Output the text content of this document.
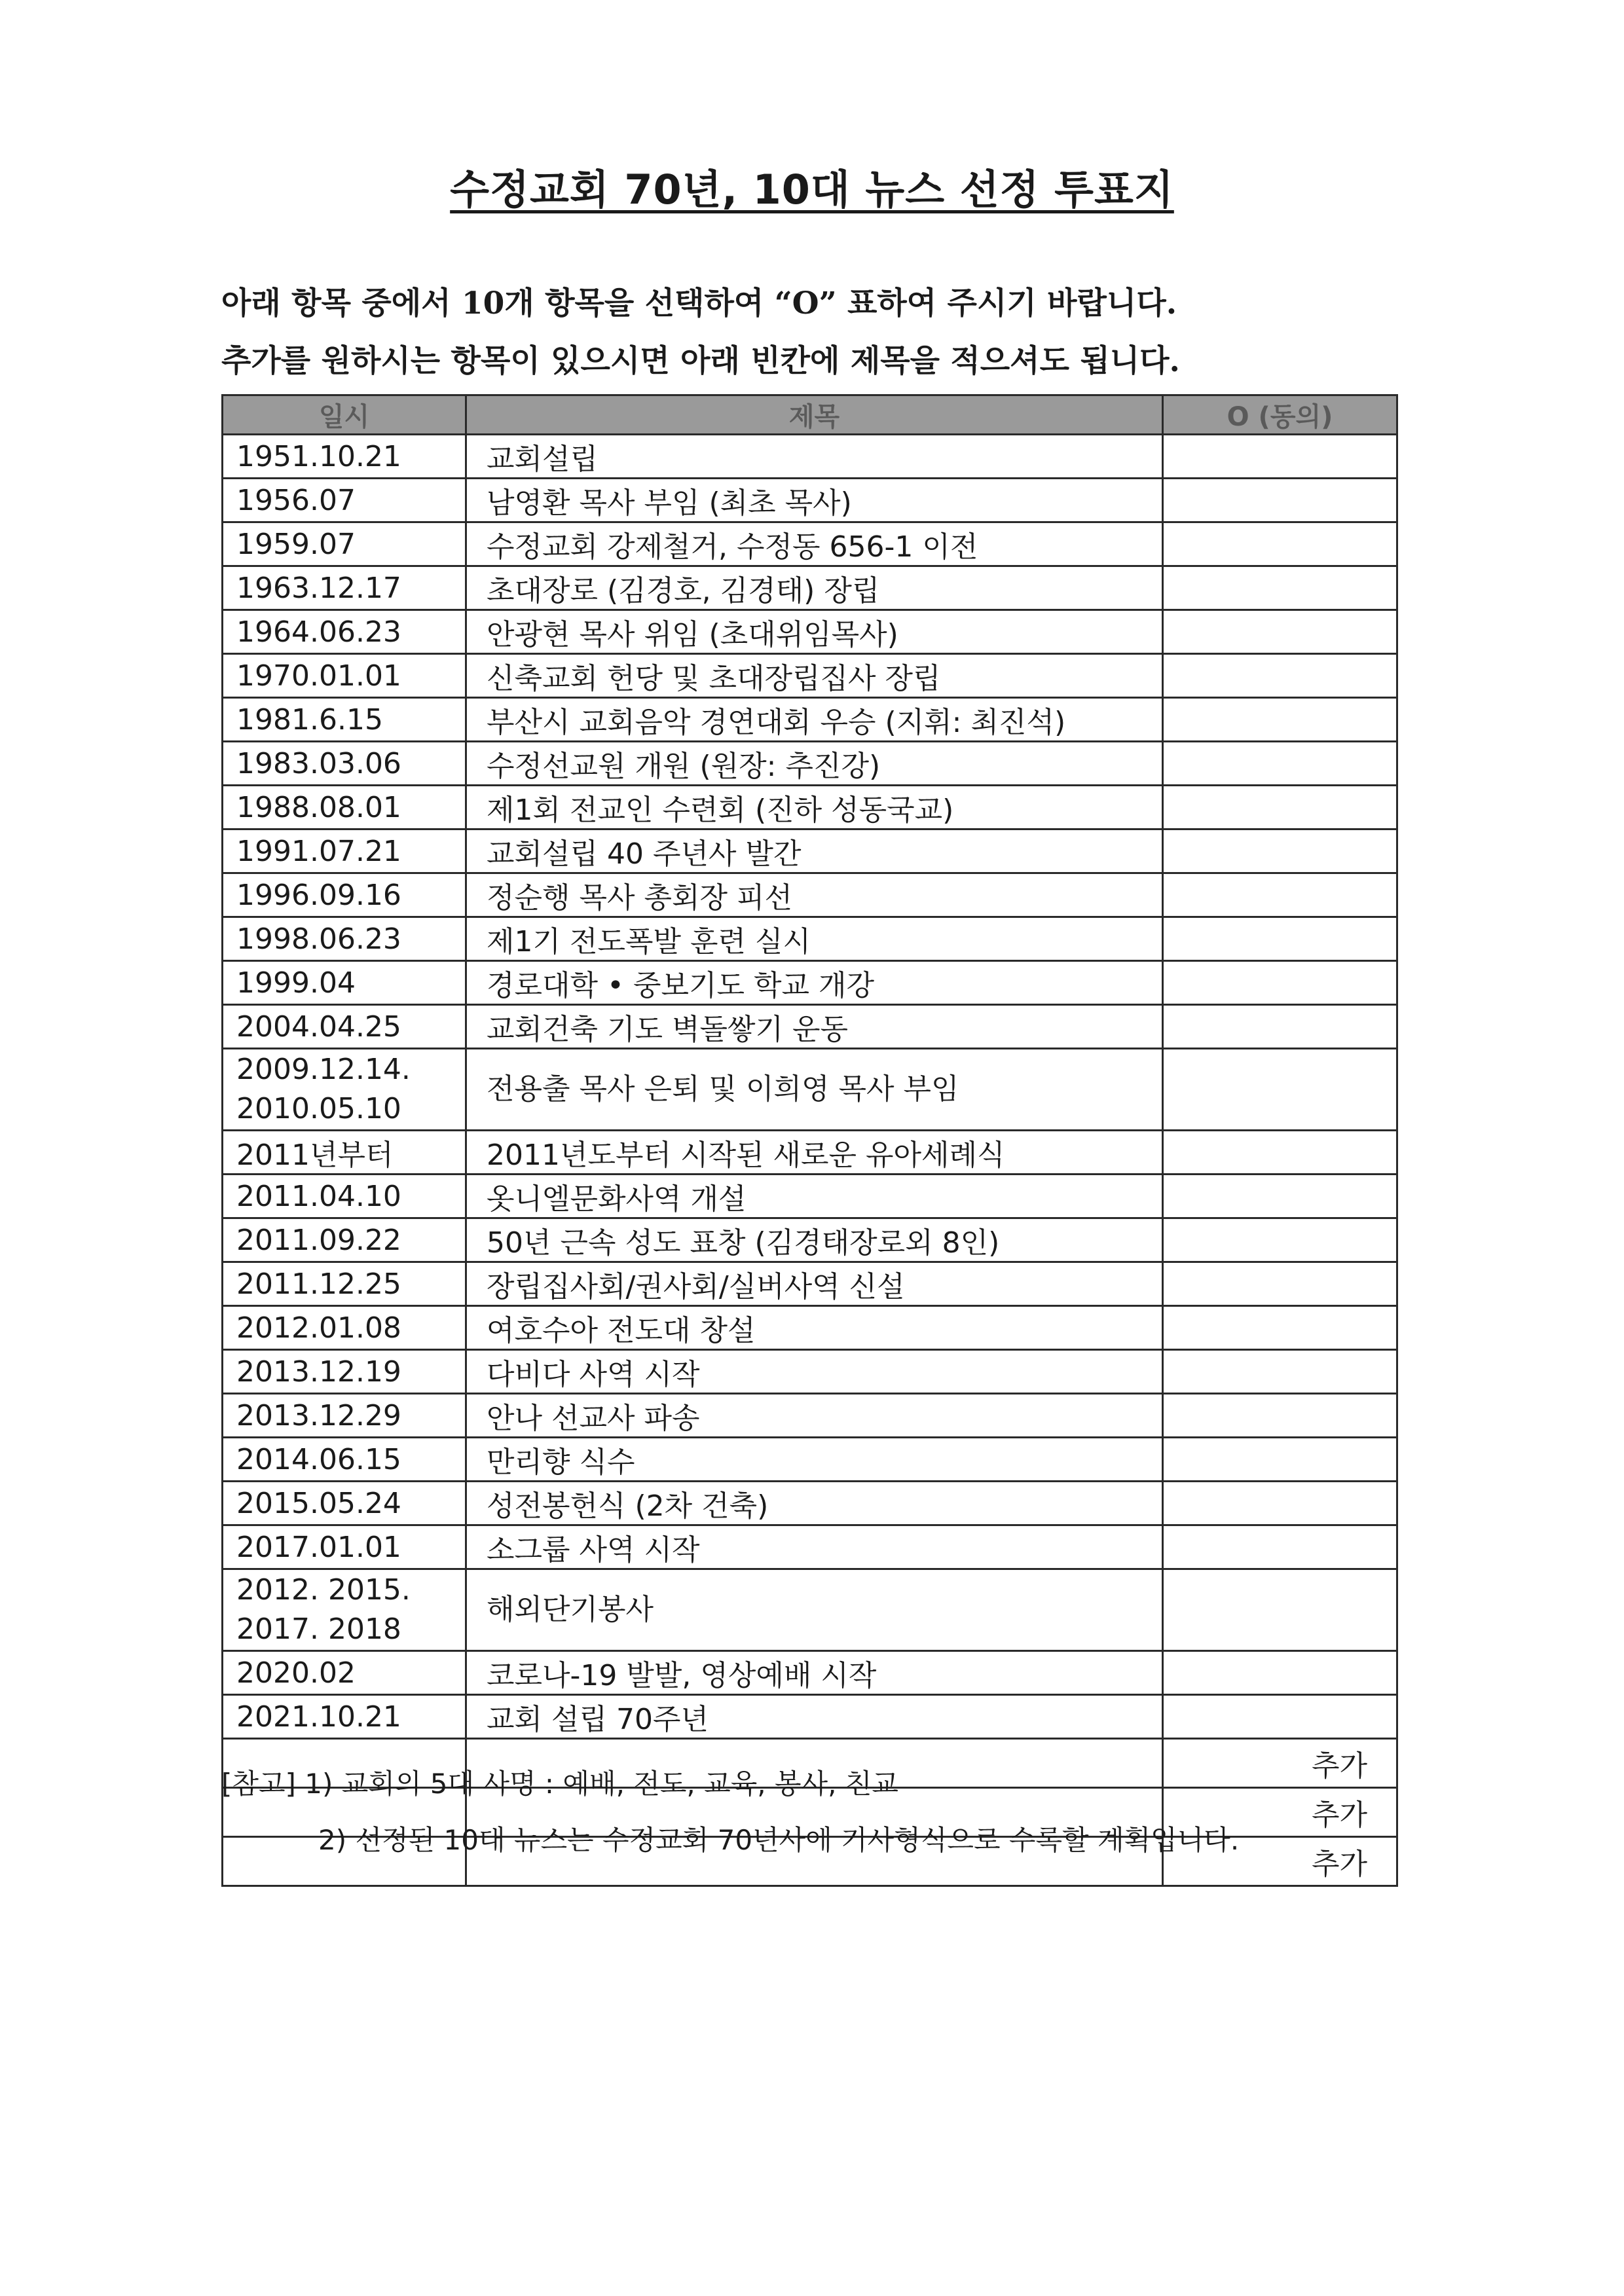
수정교회 70년, 10대 뉴스 선정 투표지
아래 항목 중에서 10개 항목을 선택하여 “O” 표하여 주시기 바랍니다.
추가를 원하시는 항목이 있으시면 아래 빈칸에 제목을 적으셔도 됩니다.
일시	제목	O (동의)

1951.10.21	교회설립	

1956.07	남영환 목사 부임 (최초 목사)	

1959.07	수정교회 강제철거, 수정동 656-1 이전	

1963.12.17	초대장로 (김경호, 김경태) 장립	

1964.06.23	안광현 목사 위임 (초대위임목사)	

1970.01.01	신축교회 헌당 및 초대장립집사 장립	

1981.6.15	부산시 교회음악 경연대회 우승 (지휘: 최진석)	

1983.03.06	수정선교원 개원 (원장: 추진강)	

1988.08.01	제1회 전교인 수련회 (진하 성동국교)	

1991.07.21	교회설립 40 주년사 발간	

1996.09.16	정순행 목사 총회장 피선	

1998.06.23	제1기 전도폭발 훈련 실시	

1999.04	경로대학 • 중보기도 학교 개강	

2004.04.25	교회건축 기도 벽돌쌓기 운동	

2009.12.14.
2010.05.10	전용출 목사 은퇴 및 이희영 목사 부임	

2011년부터	2011년도부터 시작된 새로운 유아세례식	

2011.04.10	옷니엘문화사역 개설	

2011.09.22	50년 근속 성도 표창 (김경태장로외 8인)	

2011.12.25	장립집사회/권사회/실버사역 신설	

2012.01.08	여호수아 전도대 창설	

2013.12.19	다비다 사역 시작	

2013.12.29	안나 선교사 파송	

2014.06.15	만리향 식수	

2015.05.24	성전봉헌식 (2차 건축)	

2017.01.01	소그룹 사역 시작	

2012. 2015.
2017. 2018	해외단기봉사	

2020.02	코로나-19 발발, 영상예배 시작	

2021.10.21	교회 설립 70주년	
		추가
		추가
		추가
[참고] 1) 교회의 5대 사명 : 예배, 전도, 교육, 봉사, 친교
2) 선정된 10대 뉴스는 수정교회 70년사에 기사형식으로 수록할 계획입니다.
